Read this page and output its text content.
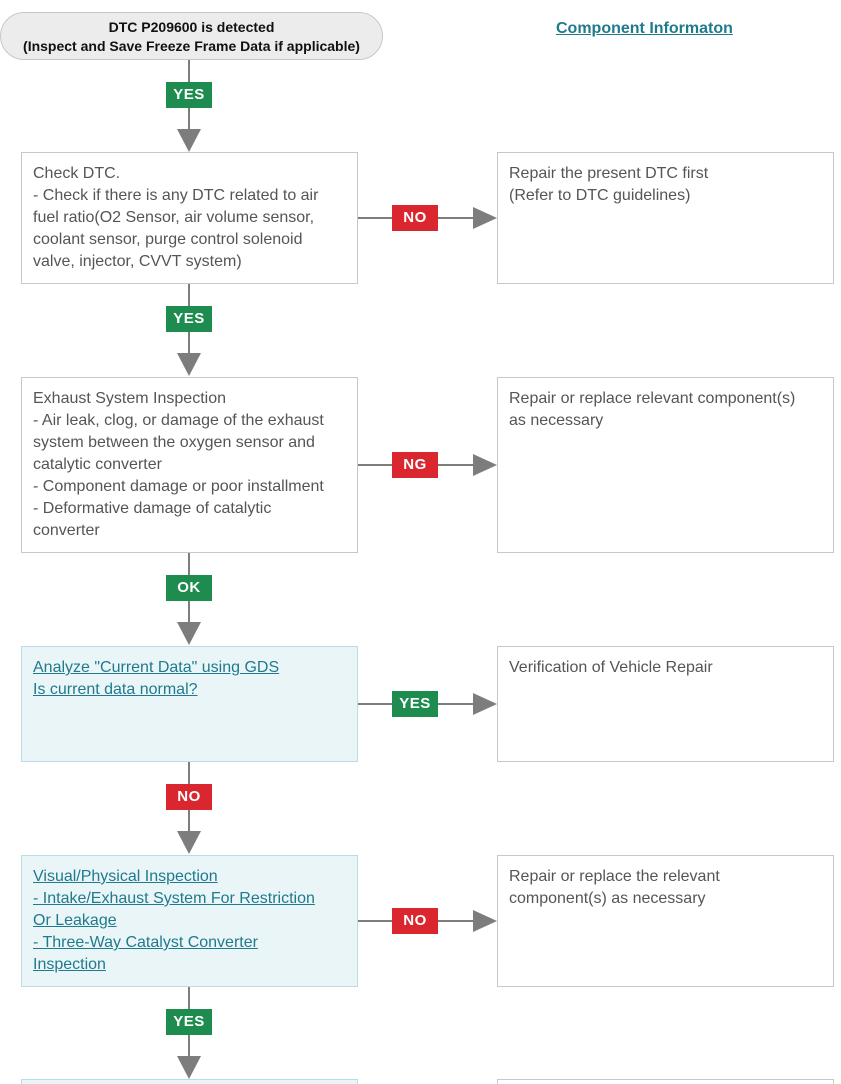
DTC P209600 is detected
(Inspect and Save Freeze Frame Data if applicable)
Component Informaton
YES
Check DTC.
- Check if there is any DTC related to air
fuel ratio(O2 Sensor, air volume sensor,
coolant sensor, purge control solenoid
valve, injector, CVVT system)
NO
Repair the present DTC first
(Refer to DTC guidelines)
YES
Exhaust System Inspection
- Air leak, clog, or damage of the exhaust
system between the oxygen sensor and
catalytic converter
- Component damage or poor installment
- Deformative damage of catalytic
converter
NG
Repair or replace relevant component(s)
as necessary
OK
Analyze "Current Data" using GDS
Is current data normal?
YES
Verification of Vehicle Repair
NO
Visual/Physical Inspection
- Intake/Exhaust System For Restriction
Or Leakage
- Three-Way Catalyst Converter
Inspection
NO
Repair or replace the relevant
component(s) as necessary
YES
